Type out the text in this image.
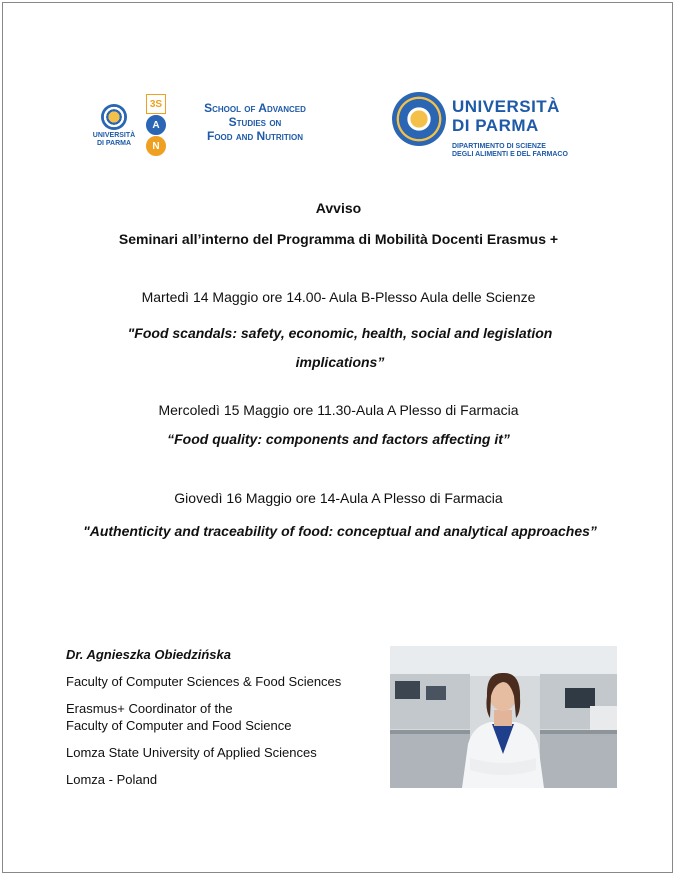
UNIVERSITÀ
DI PARMA
3S
A
N
School of Advanced
Studies on
Food and Nutrition
UNIVERSITÀ
DI PARMA
DIPARTIMENTO DI SCIENZE
DEGLI ALIMENTI E DEL FARMACO
Avviso
Seminari all’interno del Programma di Mobilità Docenti Erasmus +
Martedì 14 Maggio ore 14.00- Aula B-Plesso Aula delle Scienze
"Food scandals: safety, economic, health, social and legislation implications”
Mercoledì 15 Maggio ore 11.30-Aula A Plesso di Farmacia
“Food quality: components and factors affecting it”
Giovedì 16 Maggio ore 14-Aula A Plesso di Farmacia
"Authenticity and traceability of food: conceptual and analytical approaches”
Dr. Agnieszka Obiedzińska
Faculty of Computer Sciences & Food Sciences
Erasmus+ Coordinator of the
Faculty of Computer and Food Science
Lomza State University of Applied Sciences
Lomza - Poland
